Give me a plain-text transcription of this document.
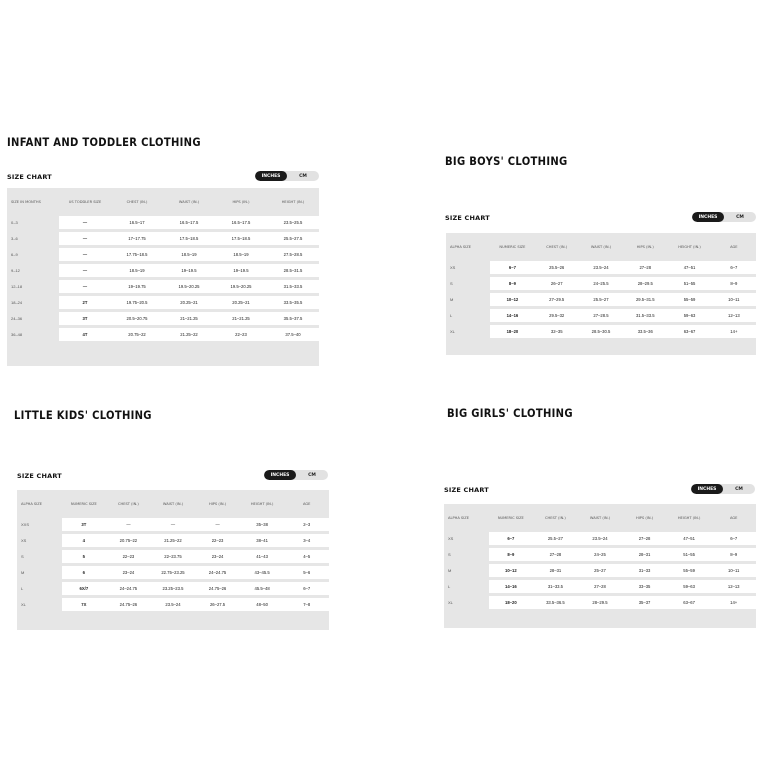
INFANT AND TODDLER CLOTHING
SIZE CHART	INCHES	CM
SIZE IN MONTHS	US TODDLER SIZE	CHEST (IN.)	WAIST (IN.)	HIPS (IN.)	HEIGHT (IN.)
0–3	—	16.5–17	16.5–17.5	16.5–17.5	23.5–25.5
3–6	—	17–17.75	17.5–18.5	17.5–18.5	25.5–27.5
6–9	—	17.75–18.5	18.5–19	18.5–19	27.5–28.5
9–12	—	18.5–19	19–19.5	19–19.5	28.5–31.5
12–18	—	19–19.75	19.5–20.25	19.5–20.25	31.5–33.5
18–24	2T	19.75–20.5	20.25–21	20.25–21	33.5–35.5
24–36	3T	20.5–20.75	21–21.25	21–21.25	35.5–37.5
36–48	4T	20.75–22	21.25–22	22–23	37.5–40
BIG BOYS' CLOTHING
SIZE CHART	INCHES	CM
ALPHA SIZE	NUMERIC SIZE	CHEST (IN.)	WAIST (IN.)	HIPS (IN.)	HEIGHT (IN.)	AGE
XS	6–7	25.5–26	23.5–24	27–28	47–51	6–7
S	8–9	26–27	24–25.5	28–29.5	51–55	8–9
M	10–12	27–29.5	25.5–27	29.5–31.5	55–59	10–11
L	14–16	29.5–32	27–28.5	31.5–33.5	59–63	12–13
XL	18–20	32–35	28.5–30.5	33.5–36	63–67	14+
LITTLE KIDS' CLOTHING
SIZE CHART	INCHES	CM
ALPHA SIZE	NUMERIC SIZE	CHEST (IN.)	WAIST (IN.)	HIPS (IN.)	HEIGHT (IN.)	AGE
XXS	3T	—	—	—	35–38	2–3
XS	4	20.75–22	21.25–22	22–23	38–41	3–4
S	5	22–23	22–23.75	23–24	41–43	4–5
M	6	23–24	22.75–23.25	24–24.75	43–45.5	5–6
L	6X/7	24–24.75	23.25–23.5	24.75–26	45.5–48	6–7
XL	7X	24.75–26	23.5–24	26–27.5	48–50	7–8
BIG GIRLS' CLOTHING
SIZE CHART	INCHES	CM
ALPHA SIZE	NUMERIC SIZE	CHEST (IN.)	WAIST (IN.)	HIPS (IN.)	HEIGHT (IN.)	AGE
XS	6–7	25.5–27	23.5–24	27–28	47–51	6–7
S	8–9	27–28	24–25	28–31	51–55	8–9
M	10–12	28–31	25–27	31–33	55–59	10–11
L	14–16	31–33.5	27–28	33–35	59–63	12–13
XL	18–20	33.5–36.5	28–29.5	35–37	63–67	14+
